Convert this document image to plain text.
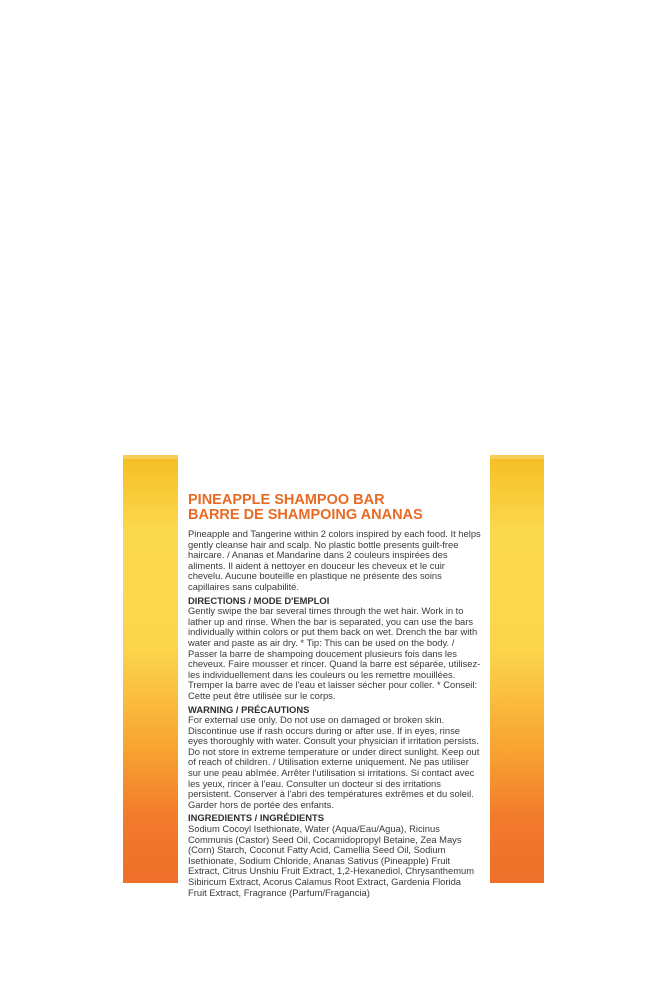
PINEAPPLE SHAMPOO BAR

BARRE DE SHAMPOING ANANAS

Pineapple and Tangerine within 2 colors inspired by each food. It helps gently cleanse hair and scalp. No plastic bottle presents guilt-free haircare. / Ananas et Mandarine dans 2 couleurs inspirées des aliments. Il aident à nettoyer en douceur les cheveux et le cuir chevelu. Aucune bouteille en plastique ne présente des soins capillaires sans culpabilité.

DIRECTIONS / MODE D'EMPLOI

Gently swipe the bar several times through the wet hair. Work in to lather up and rinse. When the bar is separated, you can use the bars individually within colors or put them back on wet. Drench the bar with water and paste as air dry. * Tip: This can be used on the body. / Passer la barre de shampoing doucement plusieurs fois dans les cheveux. Faire mousser et rincer. Quand la barre est séparée, utilisez-les individuellement dans les couleurs ou les remettre mouillées. Tremper la barre avec de l'eau et laisser sécher pour coller. * Conseil: Cette peut être utilisée sur le corps.

WARNING / PRÉCAUTIONS

For external use only. Do not use on damaged or broken skin. Discontinue use if rash occurs during or after use. If in eyes, rinse eyes thoroughly with water. Consult your physician if irritation persists. Do not store in extreme temperature or under direct sunlight. Keep out of reach of children. / Utilisation externe uniquement. Ne pas utiliser sur une peau abîmée. Arrêter l'utilisation si irritations. Si contact avec les yeux, rincer à l'eau. Consulter un docteur si des irritations persistent. Conserver à l'abri des températures extrêmes et du soleil. Garder hors de portée des enfants.

INGREDIENTS / INGRÉDIENTS

Sodium Cocoyl Isethionate, Water (Aqua/Eau/Agua), Ricinus Communis (Castor) Seed Oil, Cocamidopropyl Betaine, Zea Mays (Corn) Starch, Coconut Fatty Acid, Camellia Seed Oil, Sodium Isethionate, Sodium Chloride, Ananas Sativus (Pineapple) Fruit Extract, Citrus Unshiu Fruit Extract, 1,2-Hexanediol, Chrysanthemum Sibiricum Extract, Acorus Calamus Root Extract, Gardenia Florida Fruit Extract, Fragrance (Parfum/Fragancia)
